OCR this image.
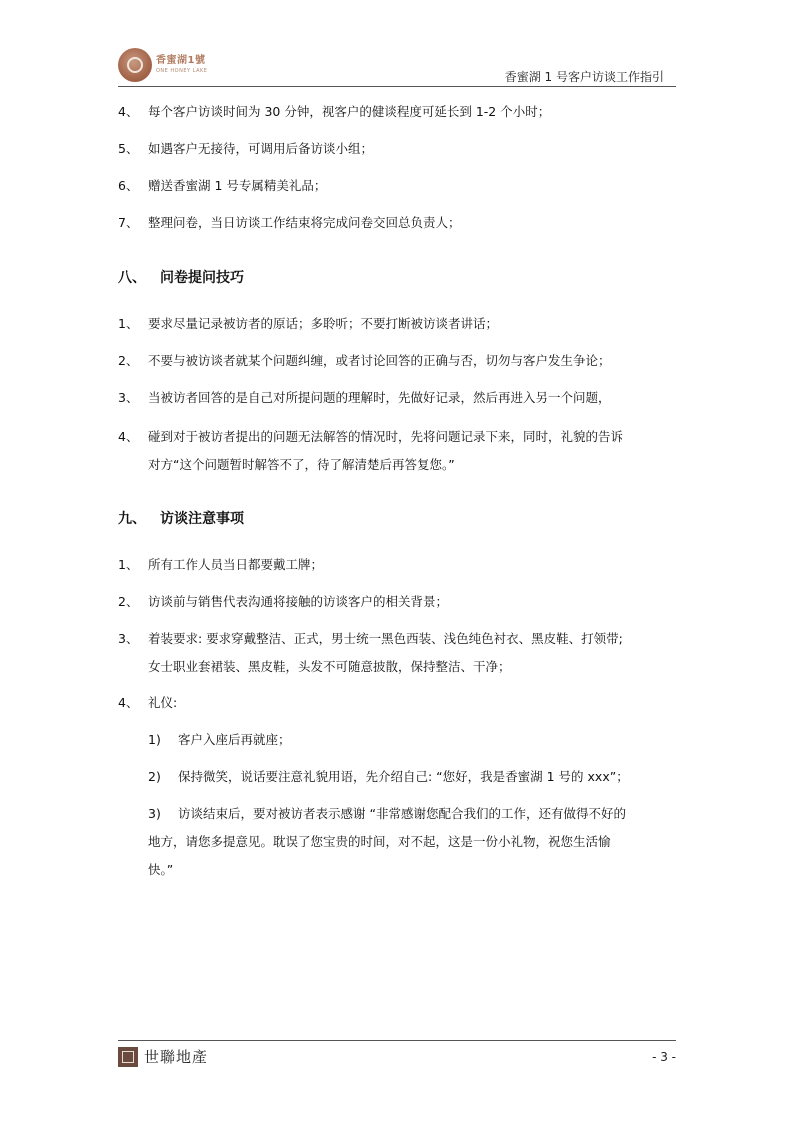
香蜜湖1號
ONE HONEY LAKE	香蜜湖 1 号客户访谈工作指引
4、 每个客户访谈时间为 30 分钟，视客户的健谈程度可延长到 1-2 个小时；
5、 如遇客户无接待，可调用后备访谈小组；
6、 赠送香蜜湖 1 号专属精美礼品；
7、 整理问卷，当日访谈工作结束将完成问卷交回总负责人；
八、 问卷提问技巧
1、 要求尽量记录被访者的原话；多聆听；不要打断被访谈者讲话；
2、 不要与被访谈者就某个问题纠缠，或者讨论回答的正确与否，切勿与客户发生争论；
3、 当被访者回答的是自己对所提问题的理解时，先做好记录，然后再进入另一个问题，
4、 碰到对于被访者提出的问题无法解答的情况时，先将问题记录下来，同时，礼貌的告诉
对方“这个问题暂时解答不了，待了解清楚后再答复您。”
九、 访谈注意事项
1、 所有工作人员当日都要戴工牌；
2、 访谈前与销售代表沟通将接触的访谈客户的相关背景；
3、 着装要求: 要求穿戴整洁、正式，男士统一黑色西装、浅色纯色衬衣、黑皮鞋、打领带;
女士职业套裙装、黑皮鞋，头发不可随意披散，保持整洁、干净；
4、 礼仪:
1) 客户入座后再就座；
2) 保持微笑，说话要注意礼貌用语，先介绍自己: “您好，我是香蜜湖 1 号的 xxx”；
3) 访谈结束后，要对被访者表示感谢 “非常感谢您配合我们的工作，还有做得不好的
地方，请您多提意见。耽误了您宝贵的时间，对不起，这是一份小礼物，祝您生活愉
快。”
世聯地產	- 3 -
